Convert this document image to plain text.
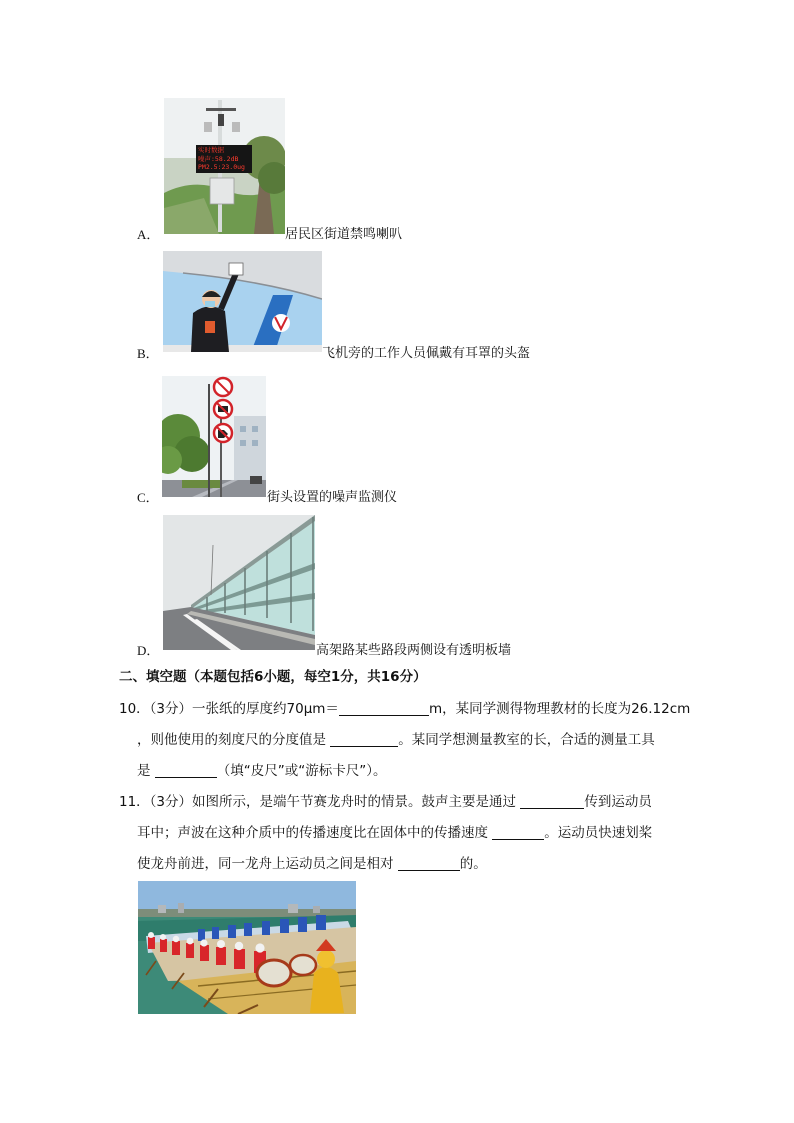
实时数据
噪声:58.2dB
PM2.5:23.0ug
A．	居民区街道禁鸣喇叭
B．	飞机旁的工作人员佩戴有耳罩的头盔
C．	街头设置的噪声监测仪
D．	高架路某些路段两侧设有透明板墙
二、填空题（本题包括6小题，每空1分，共16分）
10．（3分）一张纸的厚度约70μm＝	m，某同学测得物理教材的长度为26.12cm
，则他使用的刻度尺的分度值是	。某同学想测量教室的长，合适的测量工具
是	（填“皮尺”或“游标卡尺”）。
11．（3分）如图所示，是端午节赛龙舟时的情景。鼓声主要是通过	传到运动员
耳中；声波在这种介质中的传播速度比在固体中的传播速度	。运动员快速划桨
使龙舟前进，同一龙舟上运动员之间是相对	的。
